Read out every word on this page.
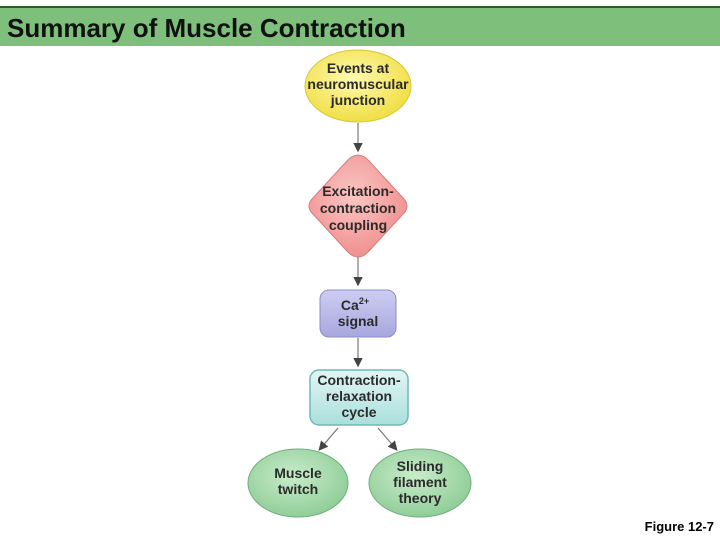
Summary of Muscle Contraction
Events at
neuromuscular
junction
Excitation-
contraction
coupling
$Ca^{2+}$
signal
Contraction-
relaxation
cycle
Muscle
twitch
Sliding
filament
theory
Figure 12-7
